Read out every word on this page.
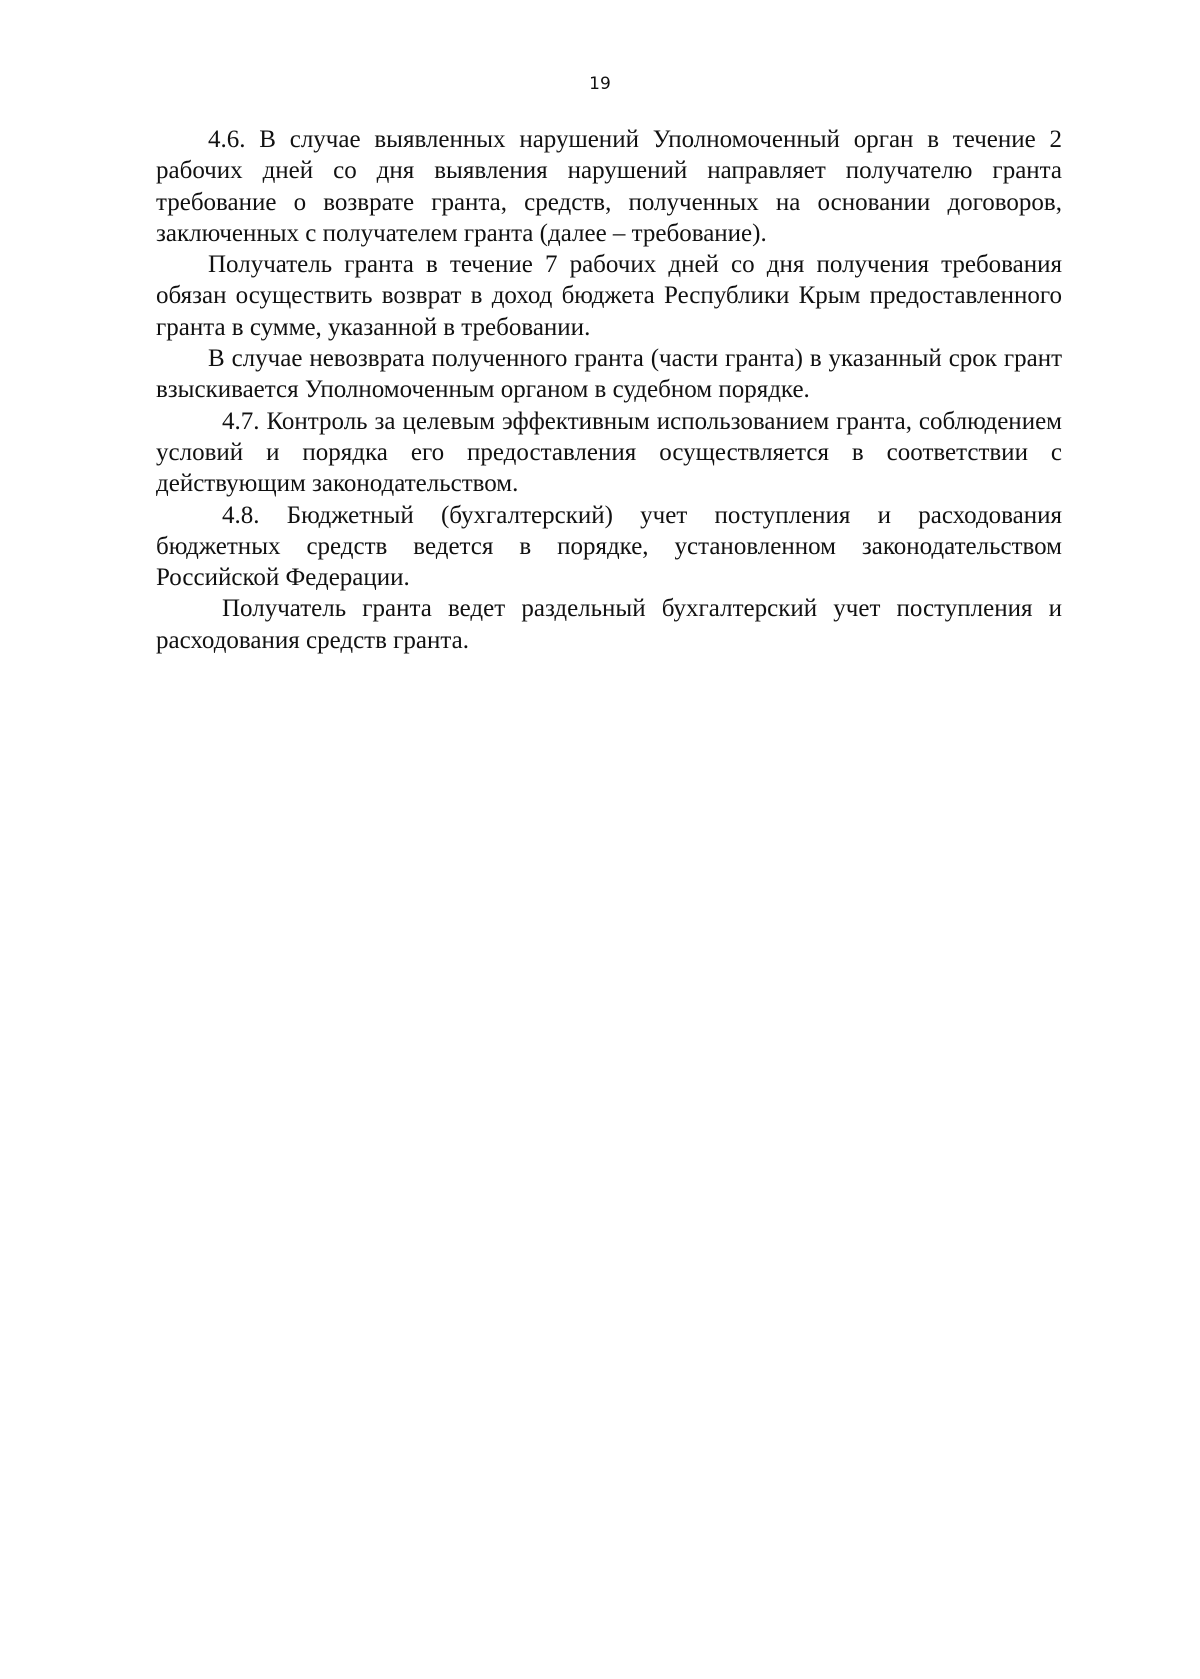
19

4.6. В случае выявленных нарушений Уполномоченный орган в течение 2 рабочих дней со дня выявления нарушений направляет получателю гранта требование о возврате гранта, средств, полученных на основании договоров, заключенных с получателем гранта (далее – требование).

Получатель гранта в течение 7 рабочих дней со дня получения требования обязан осуществить возврат в доход бюджета Республики Крым предоставленного гранта в сумме, указанной в требовании.

В случае невозврата полученного гранта (части гранта) в указанный срок грант взыскивается Уполномоченным органом в судебном порядке.

4.7. Контроль за целевым эффективным использованием гранта, соблюдением условий и порядка его предоставления осуществляется в соответствии с действующим законодательством.

4.8. Бюджетный (бухгалтерский) учет поступления и расходования бюджетных средств ведется в порядке, установленном законодательством Российской Федерации.

Получатель гранта ведет раздельный бухгалтерский учет поступления и расходования средств гранта.
